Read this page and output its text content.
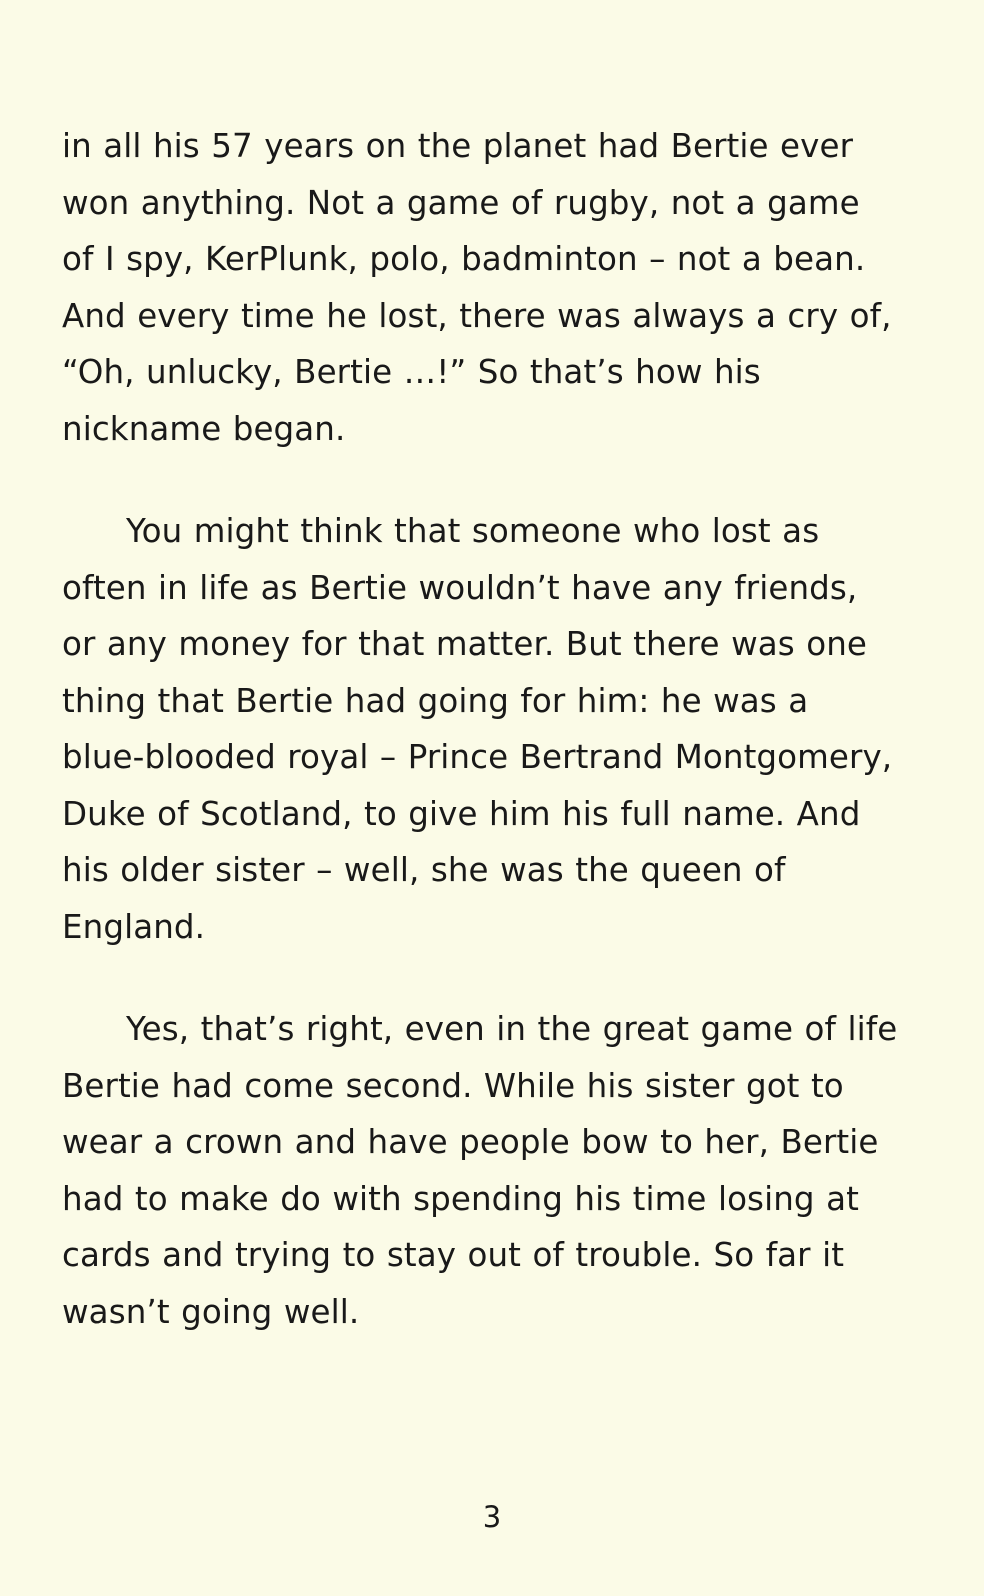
in all his 57 years on the planet had Bertie ever won anything. Not a game of rugby, not a game of I spy, KerPlunk, polo, badminton – not a bean. And every time he lost, there was always a cry of, “Oh, unlucky, Bertie …!” So that’s how his nickname began.

You might think that someone who lost as often in life as Bertie wouldn’t have any friends, or any money for that matter. But there was one thing that Bertie had going for him: he was a blue-blooded royal – Prince Bertrand Montgomery, Duke of Scotland, to give him his full name. And his older sister – well, she was the queen of England.

Yes, that’s right, even in the great game of life Bertie had come second. While his sister got to wear a crown and have people bow to her, Bertie had to make do with spending his time losing at cards and trying to stay out of trouble. So far it wasn’t going well.

3
